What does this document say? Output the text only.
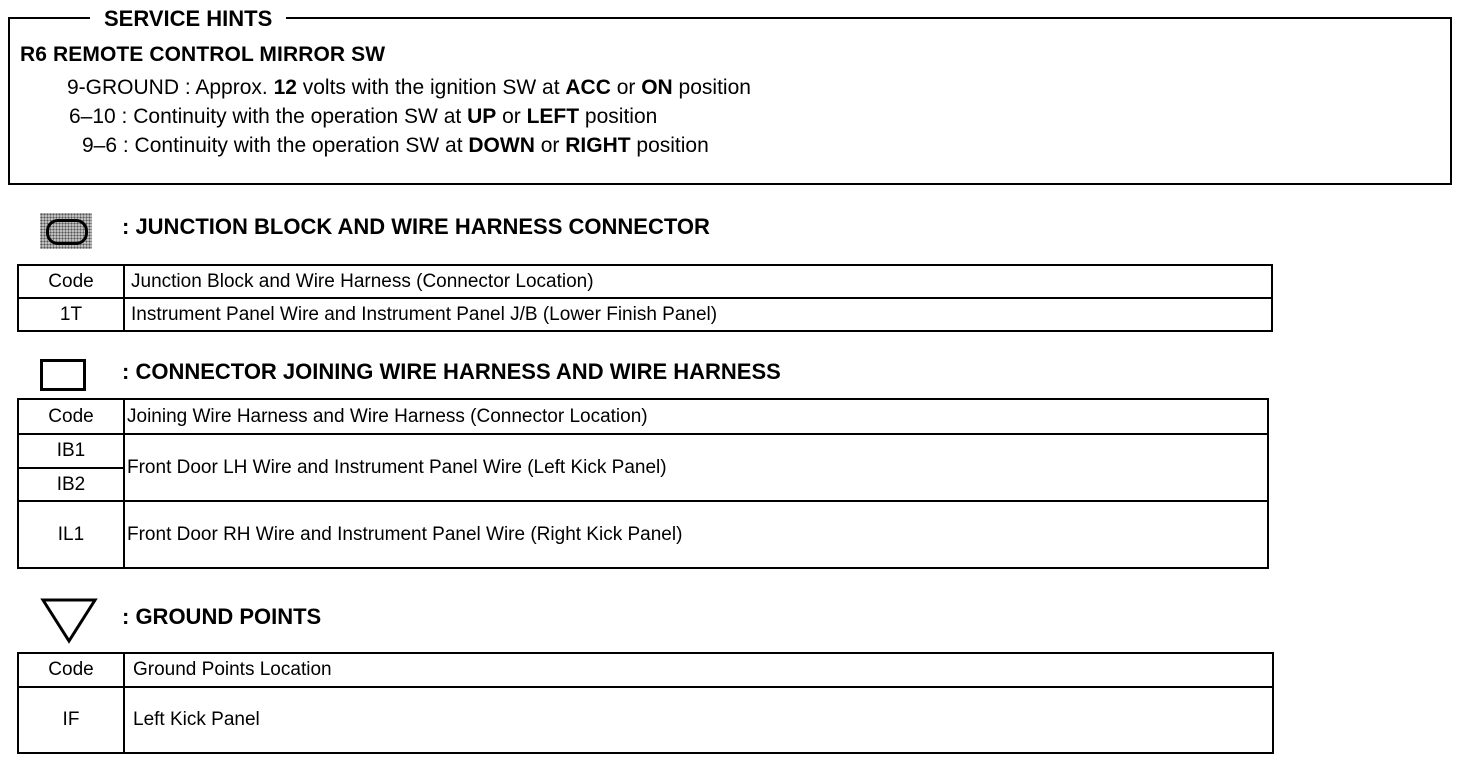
SERVICE HINTS
R6 REMOTE CONTROL MIRROR SW
9-GROUND : Approx. 12 volts with the ignition SW at ACC or ON position
6–10 : Continuity with the operation SW at UP or LEFT position
9–6 : Continuity with the operation SW at DOWN or RIGHT position
: JUNCTION BLOCK AND WIRE HARNESS CONNECTOR
Code	Junction Block and Wire Harness (Connector Location)
1T	Instrument Panel Wire and Instrument Panel J/B (Lower Finish Panel)
: CONNECTOR JOINING WIRE HARNESS AND WIRE HARNESS
Code	Joining Wire Harness and Wire Harness (Connector Location)
IB1	Front Door LH Wire and Instrument Panel Wire (Left Kick Panel)
IB2	
IL1	Front Door RH Wire and Instrument Panel Wire (Right Kick Panel)
: GROUND POINTS
Code	Ground Points Location
IF	Left Kick Panel
